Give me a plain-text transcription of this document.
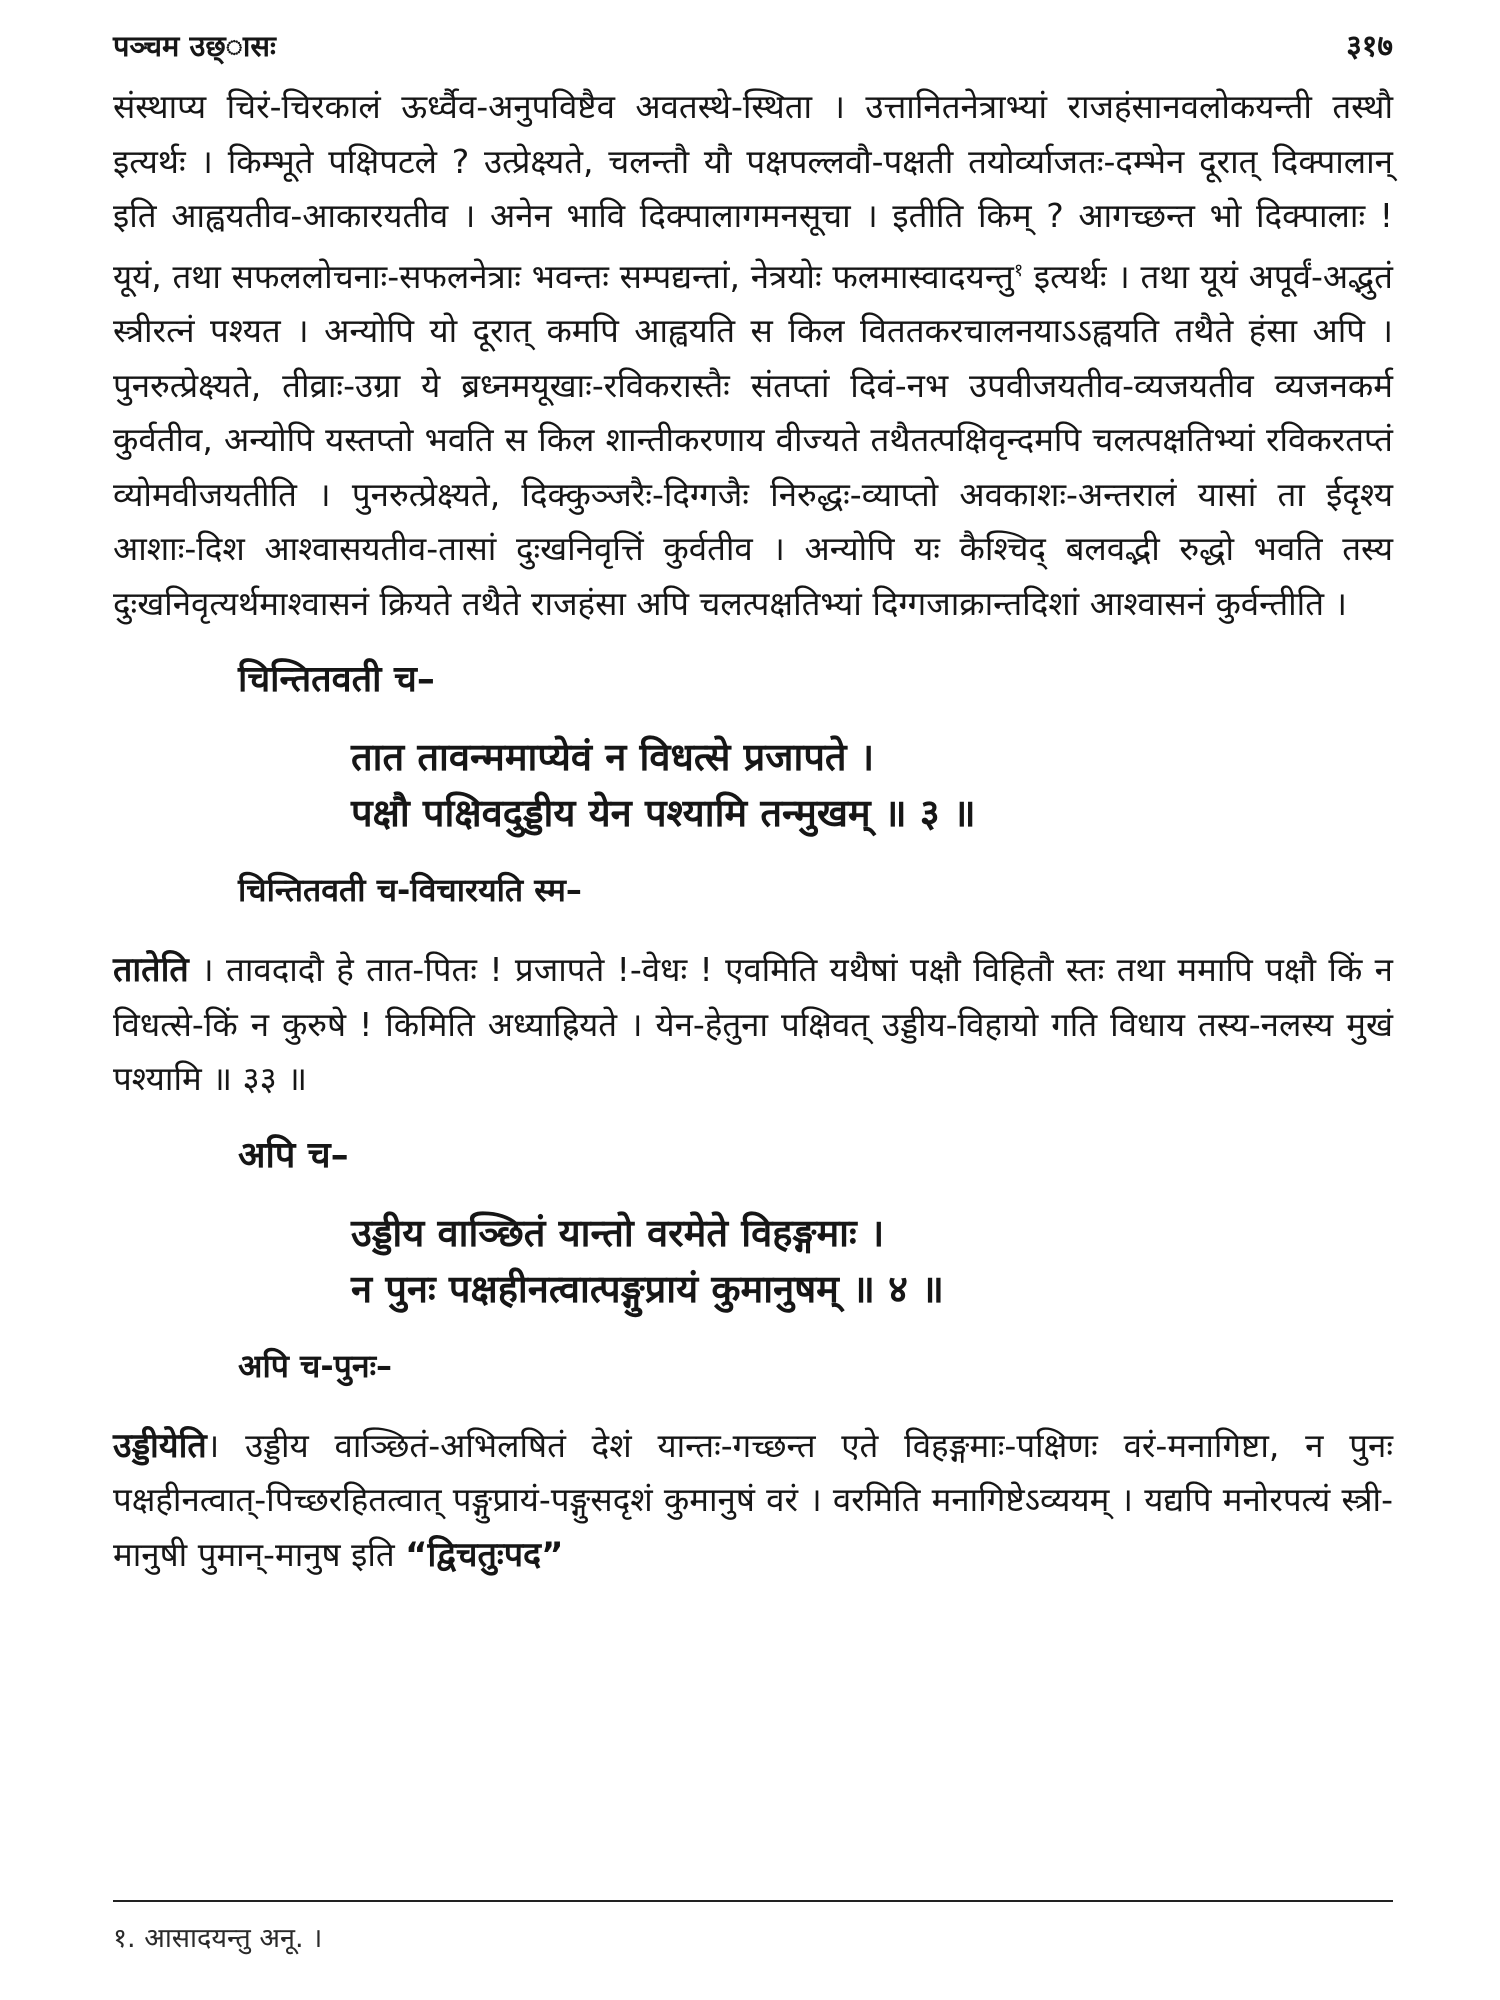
पञ्चम उछ्ासः	३१७

संस्थाप्य चिरं-चिरकालं ऊर्ध्वैव-अनुपविष्टैव अवतस्थे-स्थिता । उत्तानितनेत्राभ्यां राजहंसानवलोकयन्ती तस्थौ इत्यर्थः । किम्भूते पक्षिपटले ? उत्प्रेक्ष्यते, चलन्तौ यौ पक्षपल्लवौ-पक्षती तयोर्व्याजतः-दम्भेन दूरात् दिक्पालान् इति आह्वयतीव-आकारयतीव । अनेन भावि दिक्पालागमनसूचा । इतीति किम् ? आगच्छन्त भो दिक्पालाः ! यूयं, तथा सफललोचनाः-सफलनेत्राः भवन्तः सम्पद्यन्तां, नेत्रयोः फलमास्वादयन्तु$^१$ इत्यर्थः । तथा यूयं अपूर्वं-अद्भुतं स्त्रीरत्नं पश्यत । अन्योपि यो दूरात् कमपि आह्वयति स किल विततकरचालनयाऽऽह्वयति तथैते हंसा अपि । पुनरुत्प्रेक्ष्यते, तीव्राः-उग्रा ये ब्रध्नमयूखाः-रविकरास्तैः संतप्तां दिवं-नभ उपवीजयतीव-व्यजयतीव व्यजनकर्म कुर्वतीव, अन्योपि यस्तप्तो भवति स किल शान्तीकरणाय वीज्यते तथैतत्पक्षिवृन्दमपि चलत्पक्षतिभ्यां रविकरतप्तं व्योमवीजयतीति । पुनरुत्प्रेक्ष्यते, दिक्कुञ्जरैः-दिग्गजैः निरुद्धः-व्याप्तो अवकाशः-अन्तरालं यासां ता ईदृश्य आशाः-दिश आश्वासयतीव-तासां दुःखनिवृत्तिं कुर्वतीव । अन्योपि यः कैश्चिद् बलवद्भी रुद्धो भवति तस्य दुःखनिवृत्यर्थमाश्वासनं क्रियते तथैते राजहंसा अपि चलत्पक्षतिभ्यां दिग्गजाक्रान्तदिशां आश्वासनं कुर्वन्तीति ।

चिन्तितवती च–

तात तावन्ममाप्येवं न विधत्से प्रजापते ।
पक्षौ पक्षिवदुड्डीय येन पश्यामि तन्मुखम् ॥ ३ ॥

चिन्तितवती च-विचारयति स्म–

तातेति । तावदादौ हे तात-पितः ! प्रजापते !-वेधः ! एवमिति यथैषां पक्षौ विहितौ स्तः तथा ममापि पक्षौ किं न विधत्से-किं न कुरुषे ! किमिति अध्याह्रियते । येन-हेतुना पक्षिवत् उड्डीय-विहायो गति विधाय तस्य-नलस्य मुखं पश्यामि ॥ ३३ ॥

अपि च–

उड्डीय वाञ्छितं यान्तो वरमेते विहङ्गमाः ।
न पुनः पक्षहीनत्वात्पङ्गुप्रायं कुमानुषम् ॥ ४ ॥

अपि च-पुनः–

उड्डीयेति। उड्डीय वाञ्छितं-अभिलषितं देशं यान्तः-गच्छन्त एते विहङ्गमाः-पक्षिणः वरं-मनागिष्टा, न पुनः पक्षहीनत्वात्-पिच्छरहितत्वात् पङ्गुप्रायं-पङ्गुसदृशं कुमानुषं वरं । वरमिति मनागिष्टेऽव्ययम् । यद्यपि मनोरपत्यं स्त्री-मानुषी पुमान्-मानुष इति “द्विचतुःपद”

१. आसादयन्तु अनू. ।
